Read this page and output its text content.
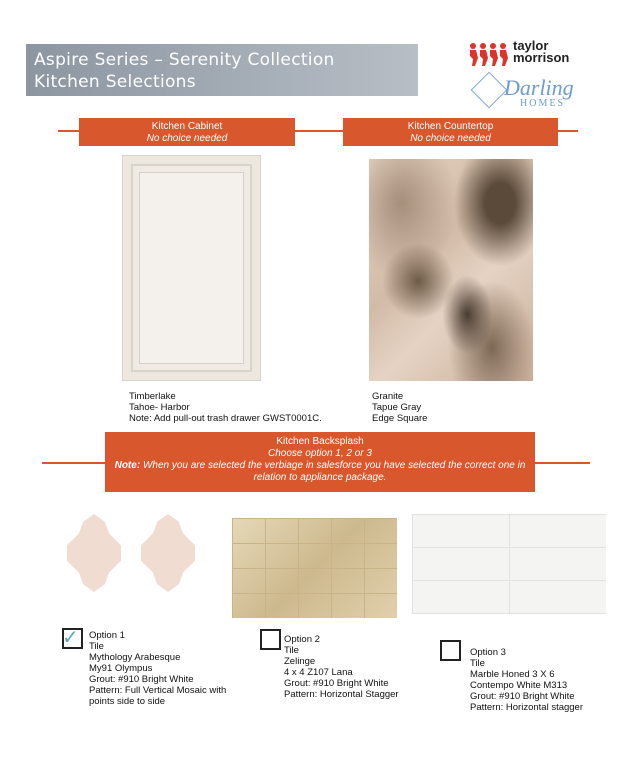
Aspire Series – Serenity Collection
Kitchen Selections
taylor
morrison
Darling
HOMES
Kitchen Cabinet
No choice needed
Kitchen Countertop
No choice needed
Timberlake
Tahoe- Harbor
Note: Add pull-out trash drawer GWST0001C.
Granite
Tapue Gray
Edge Square
Kitchen Backsplash
Choose option 1, 2 or 3
Note: When you are selected the verbiage in salesforce you have selected the correct one in
relation to appliance package.
✓ Option 1
Tile
Mythology Arabesque
My91 Olympus
Grout: #910 Bright White
Pattern: Full Vertical Mosaic with
points side to side
Option 2
Tile
Zelinge
4 x 4 Z107 Lana
Grout: #910 Bright White
Pattern: Horizontal Stagger
Option 3
Tile
Marble Honed 3 X 6
Contempo White M313
Grout: #910 Bright White
Pattern: Horizontal stagger
